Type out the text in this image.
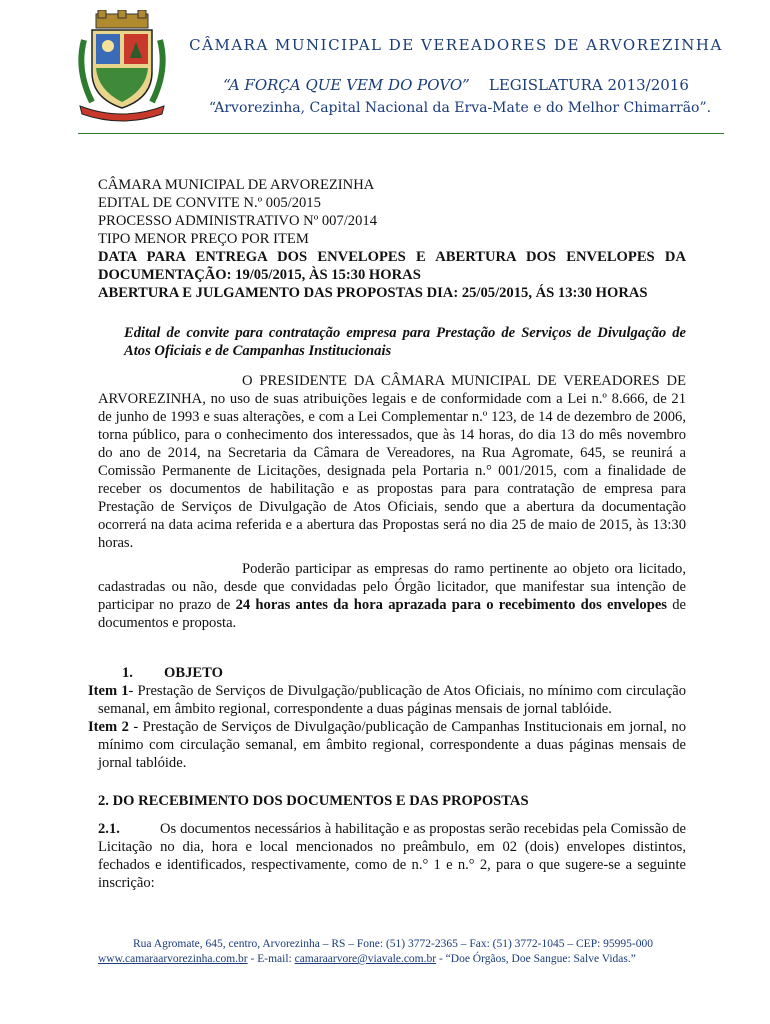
CÂMARA MUNICIPAL DE VEREADORES DE ARVOREZINHA
“A FORÇA QUE VEM DO POVO” LEGISLATURA 2013/2016
“Arvorezinha, Capital Nacional da Erva-Mate e do Melhor Chimarrão”.

CÂMARA MUNICIPAL DE ARVOREZINHA

EDITAL DE CONVITE N.º 005/2015

PROCESSO ADMINISTRATIVO Nº 007/2014

TIPO MENOR PREÇO POR ITEM

DATA PARA ENTREGA DOS ENVELOPES E ABERTURA DOS ENVELOPES DA DOCUMENTAÇÃO: 19/05/2015, ÀS 15:30 HORAS

ABERTURA E JULGAMENTO DAS PROPOSTAS DIA: 25/05/2015, ÁS 13:30 HORAS

Edital de convite para contratação empresa para Prestação de Serviços de Divulgação de Atos Oficiais e de Campanhas Institucionais

O PRESIDENTE DA CÂMARA MUNICIPAL DE VEREADORES DE ARVOREZINHA, no uso de suas atribuições legais e de conformidade com a Lei n.º 8.666, de 21 de junho de 1993 e suas alterações, e com a Lei Complementar n.º 123, de 14 de dezembro de 2006, torna público, para o conhecimento dos interessados, que às 14 horas, do dia 13 do mês novembro do ano de 2014, na Secretaria da Câmara de Vereadores, na Rua Agromate, 645, se reunirá a Comissão Permanente de Licitações, designada pela Portaria n.° 001/2015, com a finalidade de receber os documentos de habilitação e as propostas para para contratação de empresa para Prestação de Serviços de Divulgação de Atos Oficiais, sendo que a abertura da documentação ocorrerá na data acima referida e a abertura das Propostas será no dia 25 de maio de 2015, às 13:30 horas.

Poderão participar as empresas do ramo pertinente ao objeto ora licitado, cadastradas ou não, desde que convidadas pelo Órgão licitador, que manifestar sua intenção de participar no prazo de 24 horas antes da hora aprazada para o recebimento dos envelopes de documentos e proposta.

1. OBJETO

Item 1- Prestação de Serviços de Divulgação/publicação de Atos Oficiais, no mínimo com circulação semanal, em âmbito regional, correspondente a duas páginas mensais de jornal tablóide.

Item 2 - Prestação de Serviços de Divulgação/publicação de Campanhas Institucionais em jornal, no mínimo com circulação semanal, em âmbito regional, correspondente a duas páginas mensais de jornal tablóide.

2. DO RECEBIMENTO DOS DOCUMENTOS E DAS PROPOSTAS

2.1.	Os documentos necessários à habilitação e as propostas serão recebidas pela Comissão de Licitação no dia, hora e local mencionados no preâmbulo, em 02 (dois) envelopes distintos, fechados e identificados, respectivamente, como de n.° 1 e n.° 2, para o que sugere-se a seguinte inscrição:

Rua Agromate, 645, centro, Arvorezinha – RS – Fone: (51) 3772-2365 – Fax: (51) 3772-1045 – CEP: 95995-000
www.camaraarvorezinha.com.br - E-mail: camaraarvore@viavale.com.br - “Doe Órgãos, Doe Sangue: Salve Vidas.”
